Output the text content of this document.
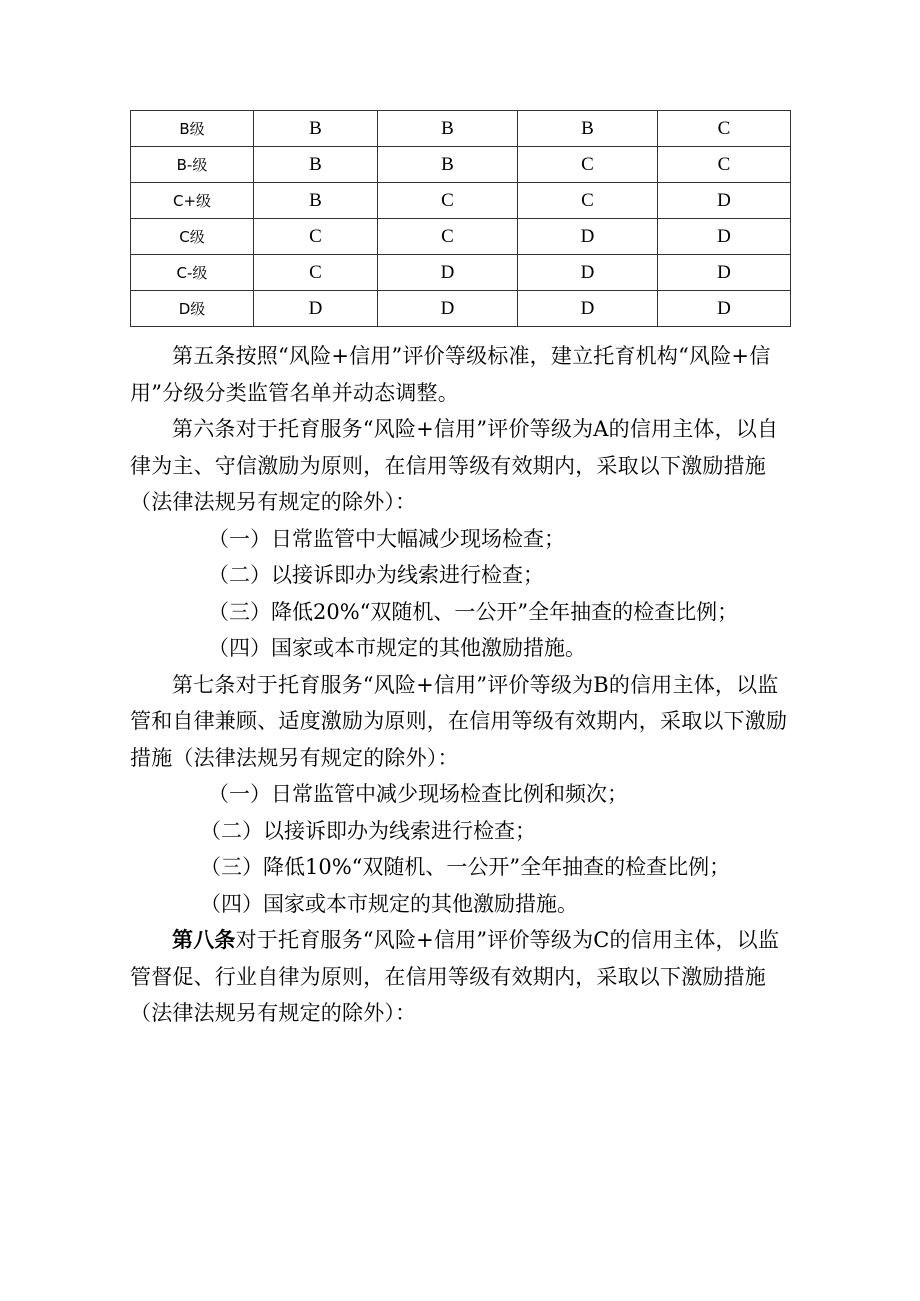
B级	B	B	B	C
B-级	B	B	C	C
C+级	B	C	C	D
C级	C	C	D	D
C-级	C	D	D	D
D级	D	D	D	D

第五条按照“风险+信用”评价等级标准，建立托育机构“风险+信用”分级分类监管名单并动态调整。

第六条对于托育服务“风险+信用”评价等级为A的信用主体，以自律为主、守信激励为原则，在信用等级有效期内，采取以下激励措施（法律法规另有规定的除外）：

（一）日常监管中大幅减少现场检查；

（二）以接诉即办为线索进行检查；

（三）降低20%“双随机、一公开”全年抽查的检查比例；

（四）国家或本市规定的其他激励措施。

第七条对于托育服务“风险+信用”评价等级为B的信用主体，以监管和自律兼顾、适度激励为原则，在信用等级有效期内，采取以下激励措施（法律法规另有规定的除外）：

（一）日常监管中减少现场检查比例和频次；

（二）以接诉即办为线索进行检查；

（三）降低10%“双随机、一公开”全年抽查的检查比例；

（四）国家或本市规定的其他激励措施。

第八条对于托育服务“风险+信用”评价等级为C的信用主体，以监管督促、行业自律为原则，在信用等级有效期内，采取以下激励措施（法律法规另有规定的除外）：
